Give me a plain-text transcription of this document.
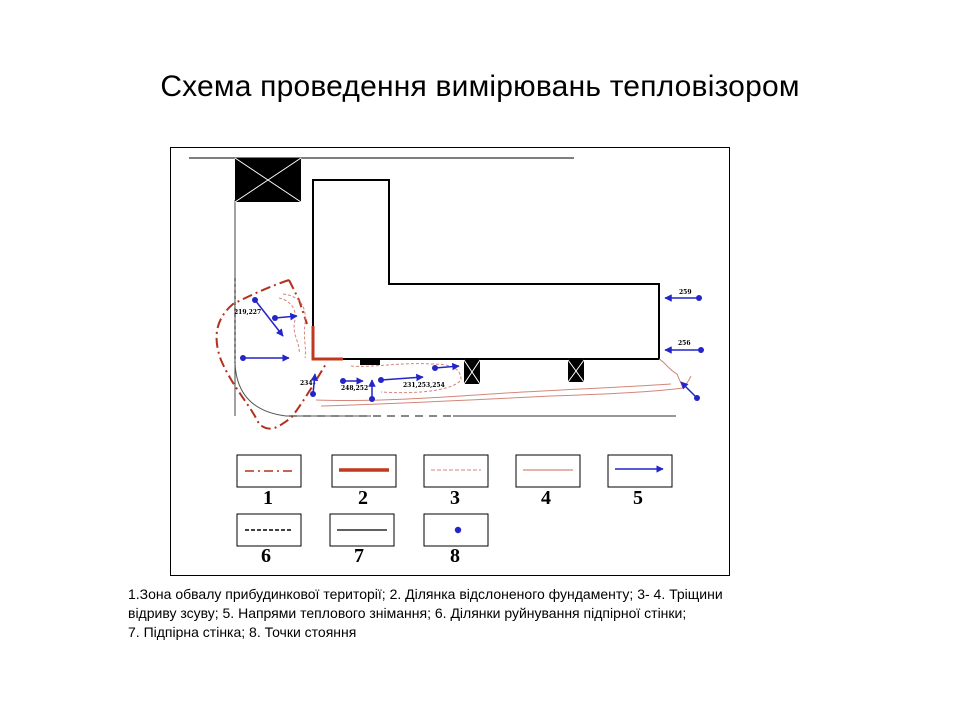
Схема проведення вимірювань тепловізором
219,227
259
256
234
248,252	231,253,254
1	2	3	4	5
6	7	8
1.Зона обвалу прибудинкової території; 2. Ділянка відслоненого фундаменту; 3- 4. Тріщини
відриву зсуву; 5. Напрями теплового знімання; 6. Ділянки руйнування підпірної стінки;
7. Підпірна стінка; 8. Точки стояння
